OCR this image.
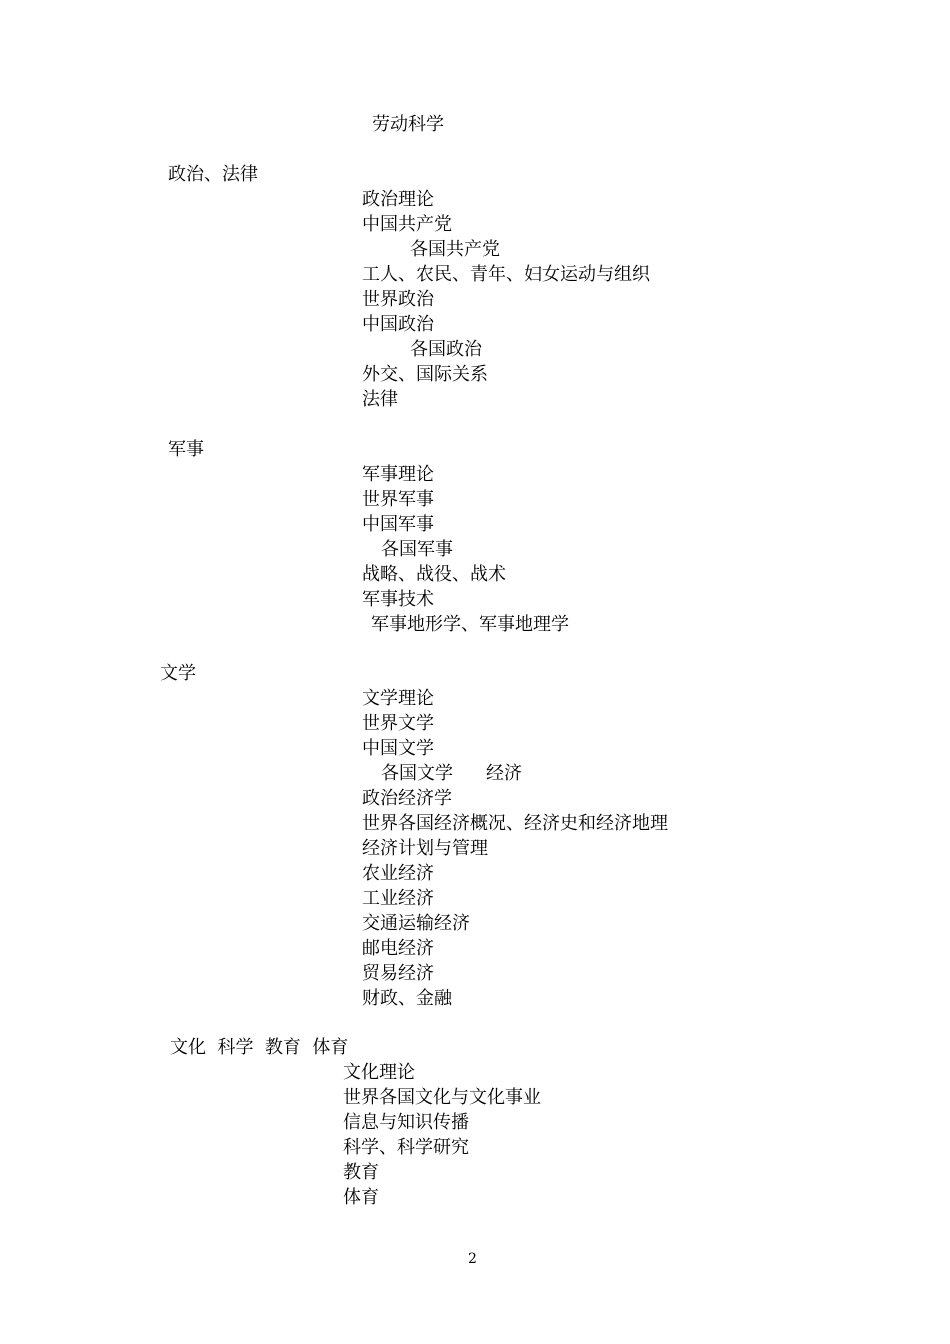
劳动科学
政治、法律
政治理论
中国共产党
各国共产党
工人、农民、青年、妇女运动与组织
世界政治
中国政治
各国政治
外交、国际关系
法律
军事
军事理论
世界军事
中国军事
各国军事
战略、战役、战术
军事技术
军事地形学、军事地理学
文学
文学理论
世界文学
中国文学
各国文学 经济
政治经济学
世界各国经济概况、经济史和经济地理
经济计划与管理
农业经济
工业经济
交通运输经济
邮电经济
贸易经济
财政、金融
文化  科学  教育  体育
文化理论
世界各国文化与文化事业
信息与知识传播
科学、科学研究
教育
体育
2
